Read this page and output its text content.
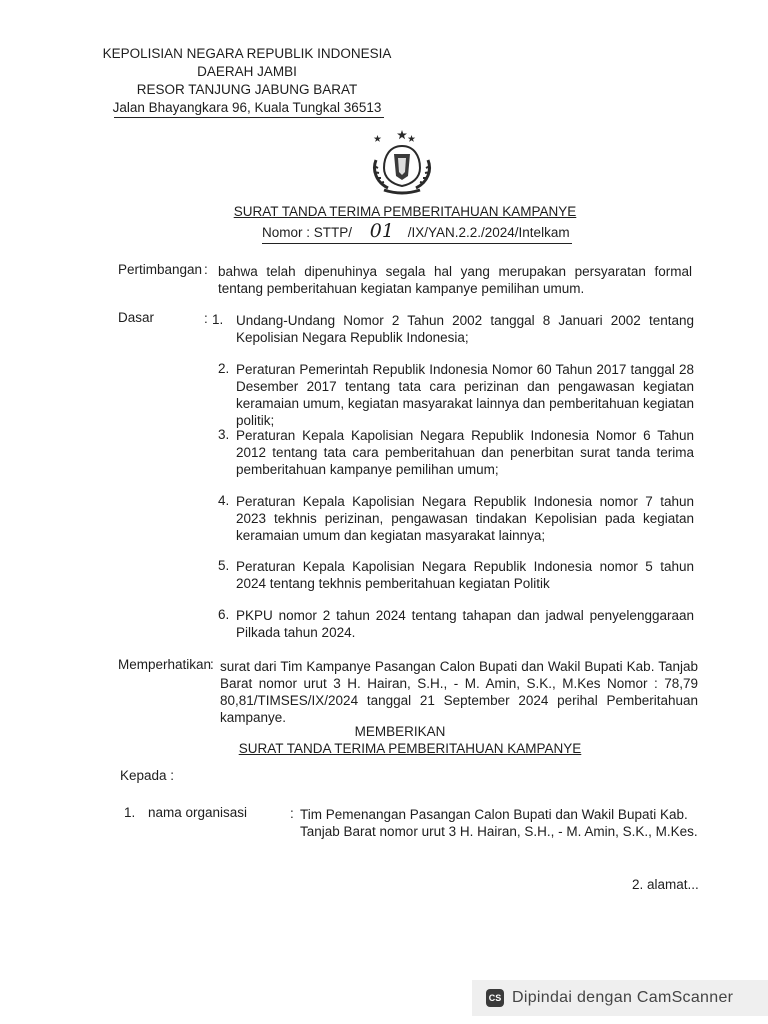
KEPOLISIAN NEGARA REPUBLIK INDONESIA
DAERAH JAMBI
RESOR TANJUNG JABUNG BARAT
Jalan Bhayangkara 96, Kuala Tungkal 36513
SURAT TANDA TERIMA PEMBERITAHUAN KAMPANYE
Nomor : STTP/ 01 /IX/YAN.2.2./2024/Intelkam
Pertimbangan : bahwa telah dipenuhinya segala hal yang merupakan persyaratan formal tentang pemberitahuan kegiatan kampanye pemilihan umum.
Dasar	: 1. Undang-Undang Nomor 2 Tahun 2002 tanggal 8 Januari 2002 tentang Kepolisian Negara Republik Indonesia;
2. Peraturan Pemerintah Republik Indonesia Nomor 60 Tahun 2017 tanggal 28 Desember 2017 tentang tata cara perizinan dan pengawasan kegiatan keramaian umum, kegiatan masyarakat lainnya dan pemberitahuan kegiatan politik;
3. Peraturan Kepala Kapolisian Negara Republik Indonesia Nomor 6 Tahun 2012 tentang tata cara pemberitahuan dan penerbitan surat tanda terima pemberitahuan kampanye pemilihan umum;
4. Peraturan Kepala Kapolisian Negara Republik Indonesia nomor 7 tahun 2023 tekhnis perizinan, pengawasan tindakan Kepolisian pada kegiatan keramaian umum dan kegiatan masyarakat lainnya;
5. Peraturan Kepala Kapolisian Negara Republik Indonesia nomor 5 tahun 2024 tentang tekhnis pemberitahuan kegiatan Politik
6. PKPU nomor 2 tahun 2024 tentang tahapan dan jadwal penyelenggaraan Pilkada tahun 2024.
Memperhatikan
: surat dari Tim Kampanye Pasangan Calon Bupati dan Wakil Bupati Kab. Tanjab Barat nomor urut 3 H. Hairan, S.H., - M. Amin, S.K., M.Kes Nomor : 78,79 80,81/TIMSES/IX/2024 tanggal 21 September 2024 perihal Pemberitahuan kampanye.
MEMBERIKAN
SURAT TANDA TERIMA PEMBERITAHUAN KAMPANYE
Kepada :
1. nama organisasi	: Tim Pemenangan Pasangan Calon Bupati dan Wakil Bupati Kab. Tanjab Barat nomor urut 3 H. Hairan, S.H., - M. Amin, S.K., M.Kes.
2. alamat...
CS Dipindai dengan CamScanner
